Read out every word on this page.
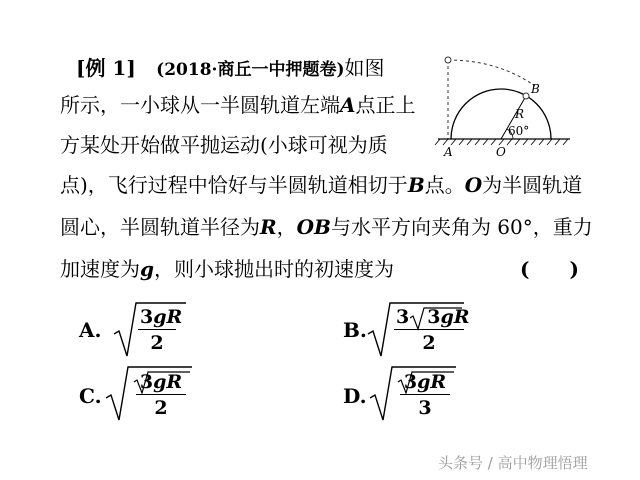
[例 1] (2018·商丘一中押题卷)如图
所示，一小球从一半圆轨道左端A点正上
方某处开始做平抛运动(小球可视为质
点)，飞行过程中恰好与半圆轨道相切于B点。O为半圆轨道
圆心，半圆轨道半径为R，OB与水平方向夹角为 60°，重力
加速度为g，则小球抛出时的初速度为	(　　)
60°
R
B
A	O
A. $\frac{3gR}{2}$	B. $\frac{3 3gR}{2}$
C. $\frac{3gR}{2}$	D. $\frac{3gR}{3}$
头条号 / 高中物理悟理
